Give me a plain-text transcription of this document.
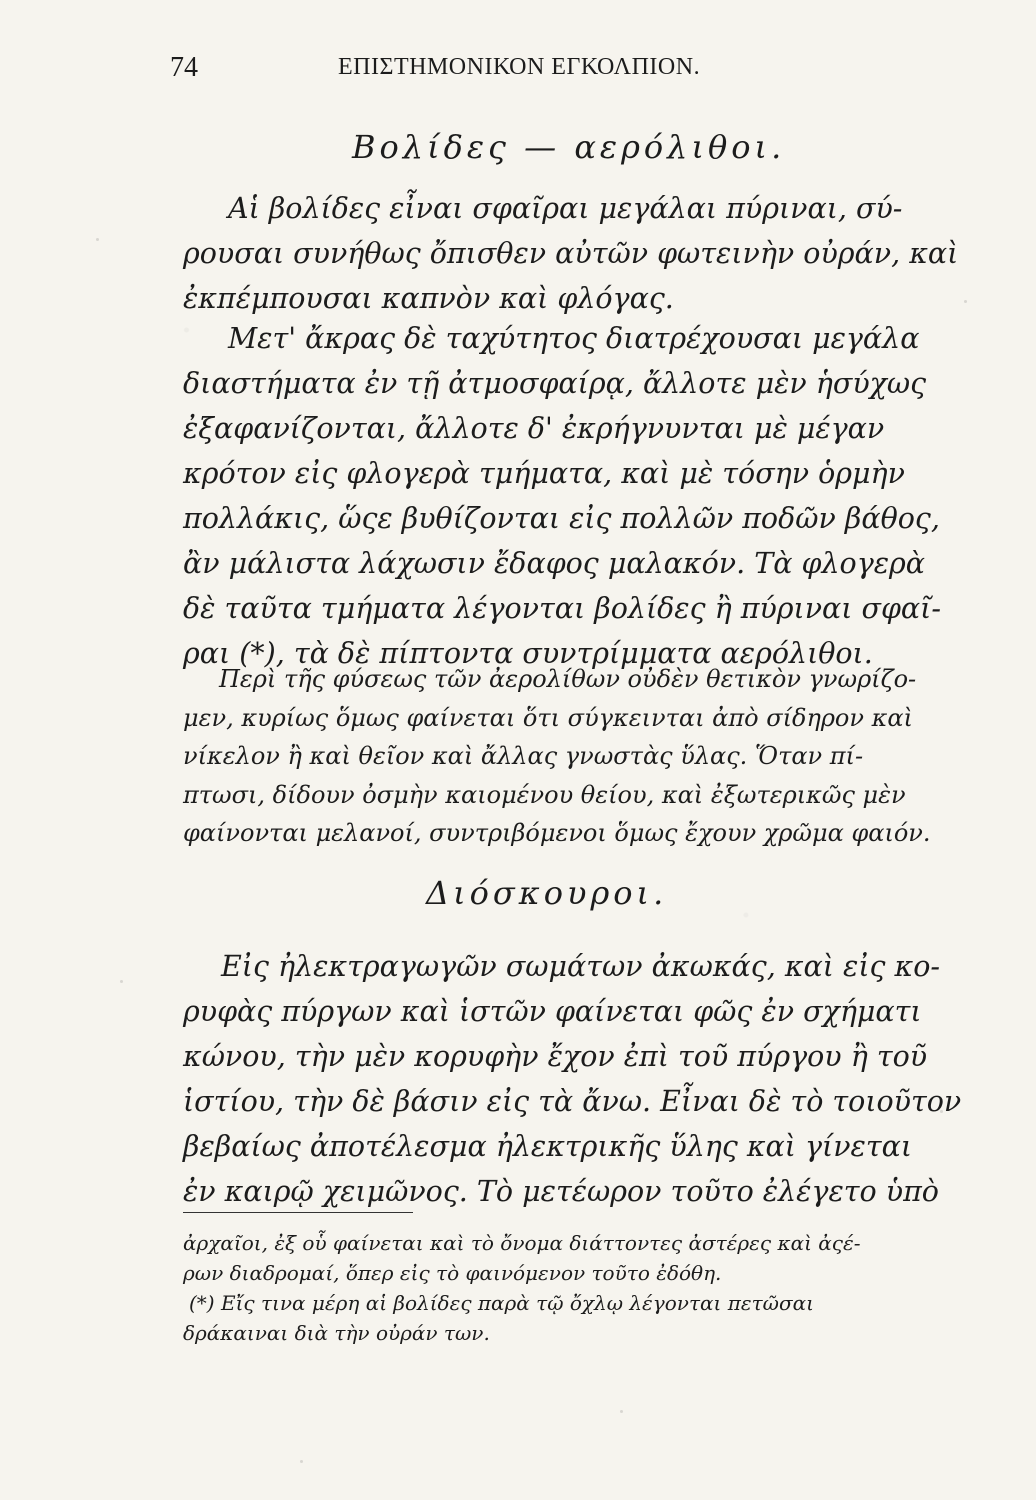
74	ΕΠΙΣΤΗΜΟΝΙΚΟΝ ΕΓΚΟΛΠΙΟΝ.
Βολίδες — αερόλιθοι.
Αἱ βολίδες εἶναι σφαῖραι μεγάλαι πύριναι, σύ-
ρουσαι συνήθως ὄπισθεν αὐτῶν φωτεινὴν οὐράν, καὶ
ἐκπέμπουσαι καπνὸν καὶ φλόγας.
Μετ' ἄκρας δὲ ταχύτητος διατρέχουσαι μεγάλα
διαστήματα ἐν τῇ ἀτμοσφαίρᾳ, ἄλλοτε μὲν ἡσύχως
ἐξαφανίζονται, ἄλλοτε δ' ἐκρήγνυνται μὲ μέγαν
κρότον εἰς φλογερὰ τμήματα, καὶ μὲ τόσην ὁρμὴν
πολλάκις, ὥςε βυθίζονται εἰς πολλῶν ποδῶν βάθος,
ἂν μάλιστα λάχωσιν ἔδαφος μαλακόν. Τὰ φλογερὰ
δὲ ταῦτα τμήματα λέγονται βολίδες ἢ πύριναι σφαῖ-
ραι (*), τὰ δὲ πίπτοντα συντρίμματα αερόλιθοι.
Περὶ τῆς φύσεως τῶν ἀερολίθων οὐδὲν θετικὸν γνωρίζο-
μεν, κυρίως ὅμως φαίνεται ὅτι σύγκεινται ἀπὸ σίδηρον καὶ
νίκελον ἢ καὶ θεῖον καὶ ἄλλας γνωστὰς ὕλας. Ὅταν πί-
πτωσι, δίδουν ὀσμὴν καιομένου θείου, καὶ ἐξωτερικῶς μὲν
φαίνονται μελανοί, συντριβόμενοι ὅμως ἔχουν χρῶμα φαιόν.
Διόσκουροι.
Εἰς ἠλεκτραγωγῶν σωμάτων ἀκωκάς, καὶ εἰς κο-
ρυφὰς πύργων καὶ ἱστῶν φαίνεται φῶς ἐν σχήματι
κώνου, τὴν μὲν κορυφὴν ἔχον ἐπὶ τοῦ πύργου ἢ τοῦ
ἱστίου, τὴν δὲ βάσιν εἰς τὰ ἄνω. Εἶναι δὲ τὸ τοιοῦτον
βεβαίως ἀποτέλεσμα ἠλεκτρικῆς ὕλης καὶ γίνεται
ἐν καιρῷ χειμῶνος. Τὸ μετέωρον τοῦτο ἐλέγετο ὑπὸ
ἀρχαῖοι, ἐξ οὗ φαίνεται καὶ τὸ ὄνομα διάττοντες ἀστέρες καὶ ἀςέ-
ρων διαδρομαί, ὅπερ εἰς τὸ φαινόμενον τοῦτο ἐδόθη.
(*) Εἴς τινα μέρη αἱ βολίδες παρὰ τῷ ὄχλῳ λέγονται πετῶσαι
δράκαιναι διὰ τὴν οὐράν των.
